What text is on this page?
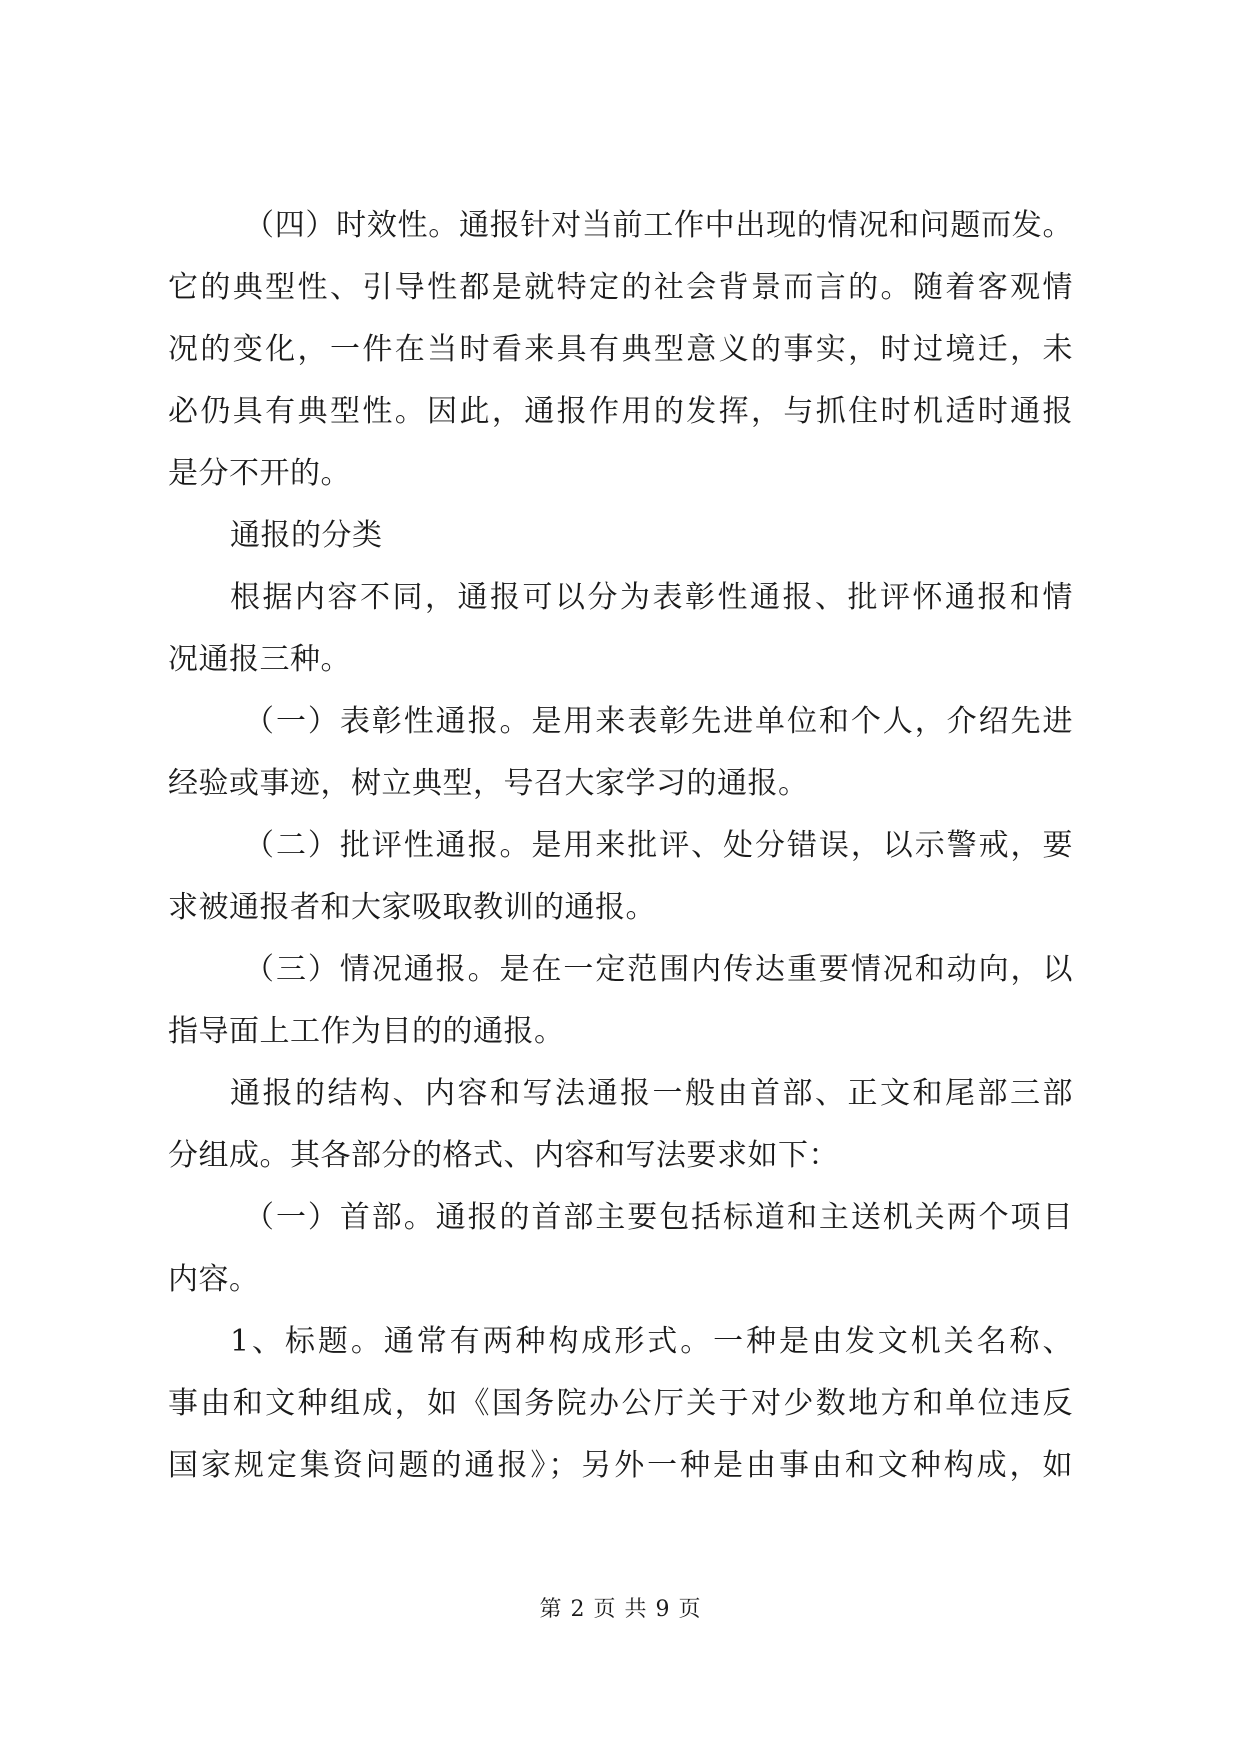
（四）时效性。通报针对当前工作中出现的情况和问题而发。
它的典型性、引导性都是就特定的社会背景而言的。随着客观情
况的变化，一件在当时看来具有典型意义的事实，时过境迁，未
必仍具有典型性。因此，通报作用的发挥，与抓住时机适时通报
是分不开的。
通报的分类
根据内容不同，通报可以分为表彰性通报、批评怀通报和情
况通报三种。
（一）表彰性通报。是用来表彰先进单位和个人，介绍先进
经验或事迹，树立典型，号召大家学习的通报。
（二）批评性通报。是用来批评、处分错误，以示警戒，要
求被通报者和大家吸取教训的通报。
（三）情况通报。是在一定范围内传达重要情况和动向，以
指导面上工作为目的的通报。
通报的结构、内容和写法通报一般由首部、正文和尾部三部
分组成。其各部分的格式、内容和写法要求如下：
（一）首部。通报的首部主要包括标道和主送机关两个项目
内容。
1、标题。通常有两种构成形式。一种是由发文机关名称、
事由和文种组成，如《国务院办公厅关于对少数地方和单位违反
国家规定集资问题的通报》；另外一种是由事由和文种构成，如
第 2 页 共 9 页
